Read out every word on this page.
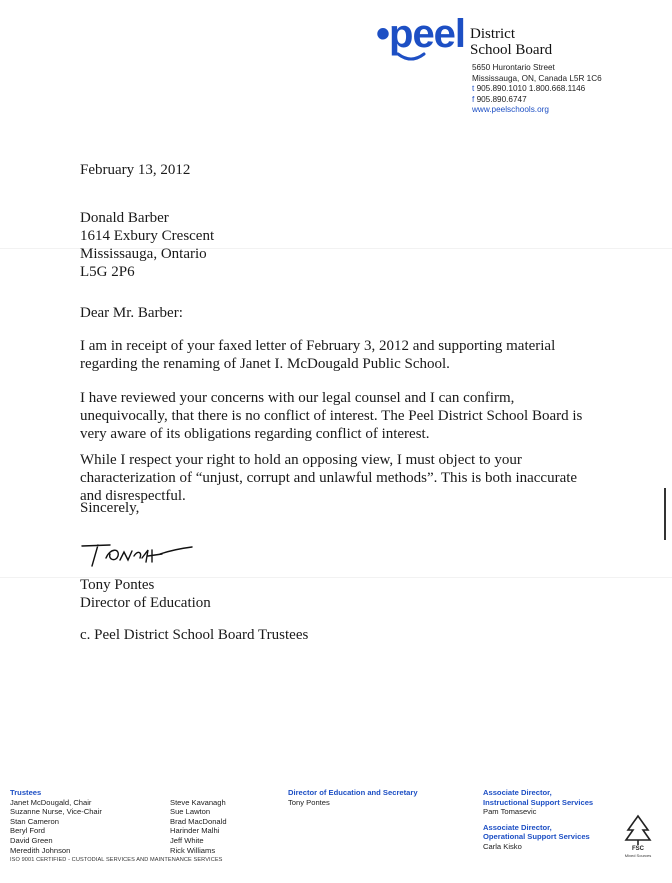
•peel District
School Board
5650 Hurontario Street
Mississauga, ON, Canada L5R 1C6
t 905.890.1010 1.800.668.1146
f 905.890.6747
www.peelschools.org
February 13, 2012
Donald Barber
1614 Exbury Crescent
Mississauga, Ontario
L5G 2P6
Dear Mr. Barber:
I am in receipt of your faxed letter of February 3, 2012 and supporting material regarding the renaming of Janet I. McDougald Public School.
I have reviewed your concerns with our legal counsel and I can confirm, unequivocally, that there is no conflict of interest. The Peel District School Board is very aware of its obligations regarding conflict of interest.
While I respect your right to hold an opposing view, I must object to your characterization of “unjust, corrupt and unlawful methods”. This is both inaccurate and disrespectful.
Sincerely,
Tony Pontes
Director of Education
c. Peel District School Board Trustees
Trustees
Janet McDougald, Chair
Suzanne Nurse, Vice-Chair
Stan Cameron
Beryl Ford
David Green
Meredith Johnson
Steve Kavanagh
Sue Lawton
Brad MacDonald
Harinder Malhi
Jeff White
Rick Williams
Director of Education and Secretary
Tony Pontes
Associate Director,
Instructional Support Services
Pam Tomasevic
Associate Director,
Operational Support Services
Carla Kisko
ISO 9001 CERTIFIED - CUSTODIAL SERVICES AND MAINTENANCE SERVICES
FSC
Mixed Sources
